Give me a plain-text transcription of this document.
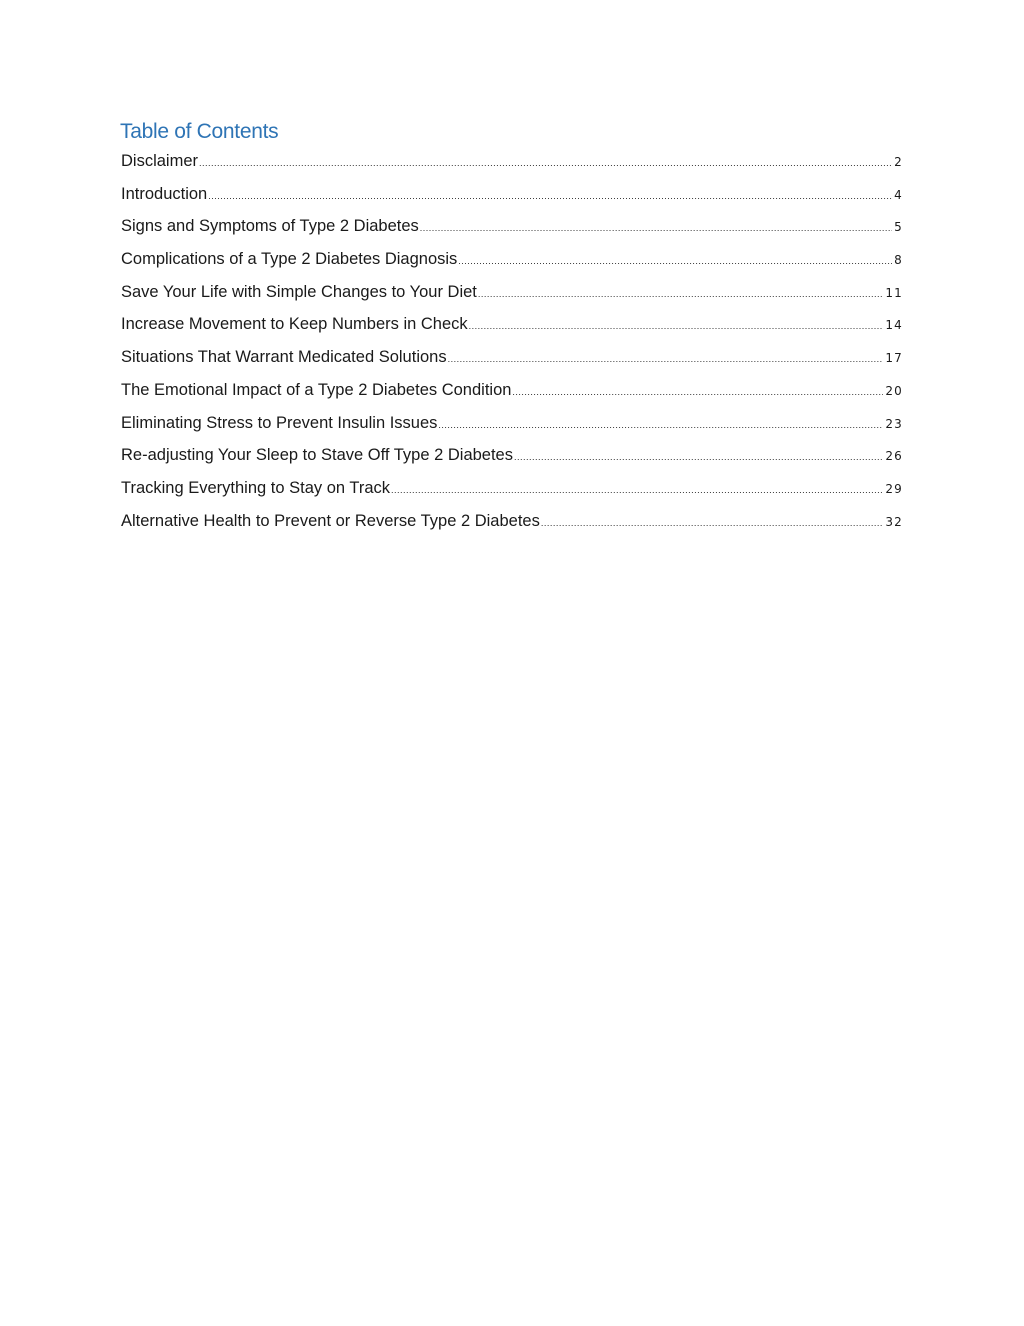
Table of Contents
Disclaimer .....	2
Introduction .....	4
Signs and Symptoms of Type 2 Diabetes .....	5
Complications of a Type 2 Diabetes Diagnosis .....	8
Save Your Life with Simple Changes to Your Diet .....	11
Increase Movement to Keep Numbers in Check .....	14
Situations That Warrant Medicated Solutions .....	17
The Emotional Impact of a Type 2 Diabetes Condition .....	20
Eliminating Stress to Prevent Insulin Issues .....	23
Re-adjusting Your Sleep to Stave Off Type 2 Diabetes .....	26
Tracking Everything to Stay on Track .....	29
Alternative Health to Prevent or Reverse Type 2 Diabetes .....	32
